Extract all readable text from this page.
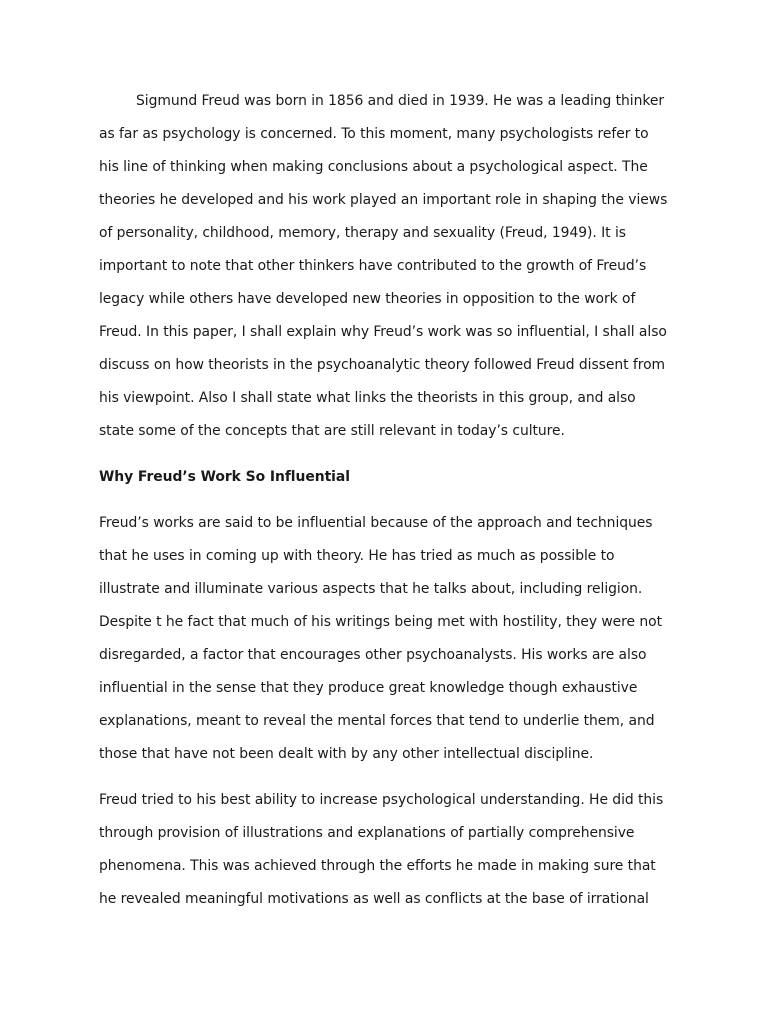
Sigmund Freud was born in 1856 and died in 1939. He was a leading thinker
as far as psychology is concerned. To this moment, many psychologists refer to
his line of thinking when making conclusions about a psychological aspect. The
theories he developed and his work played an important role in shaping the views
of personality, childhood, memory, therapy and sexuality (Freud, 1949). It is
important to note that other thinkers have contributed to the growth of Freud’s
legacy while others have developed new theories in opposition to the work of
Freud. In this paper, I shall explain why Freud’s work was so influential, I shall also
discuss on how theorists in the psychoanalytic theory followed Freud dissent from
his viewpoint. Also I shall state what links the theorists in this group, and also
state some of the concepts that are still relevant in today’s culture.
Why Freud’s Work So Influential
Freud’s works are said to be influential because of the approach and techniques
that he uses in coming up with theory. He has tried as much as possible to
illustrate and illuminate various aspects that he talks about, including religion.
Despite t he fact that much of his writings being met with hostility, they were not
disregarded, a factor that encourages other psychoanalysts. His works are also
influential in the sense that they produce great knowledge though exhaustive
explanations, meant to reveal the mental forces that tend to underlie them, and
those that have not been dealt with by any other intellectual discipline.
Freud tried to his best ability to increase psychological understanding. He did this
through provision of illustrations and explanations of partially comprehensive
phenomena. This was achieved through the efforts he made in making sure that
he revealed meaningful motivations as well as conflicts at the base of irrational
